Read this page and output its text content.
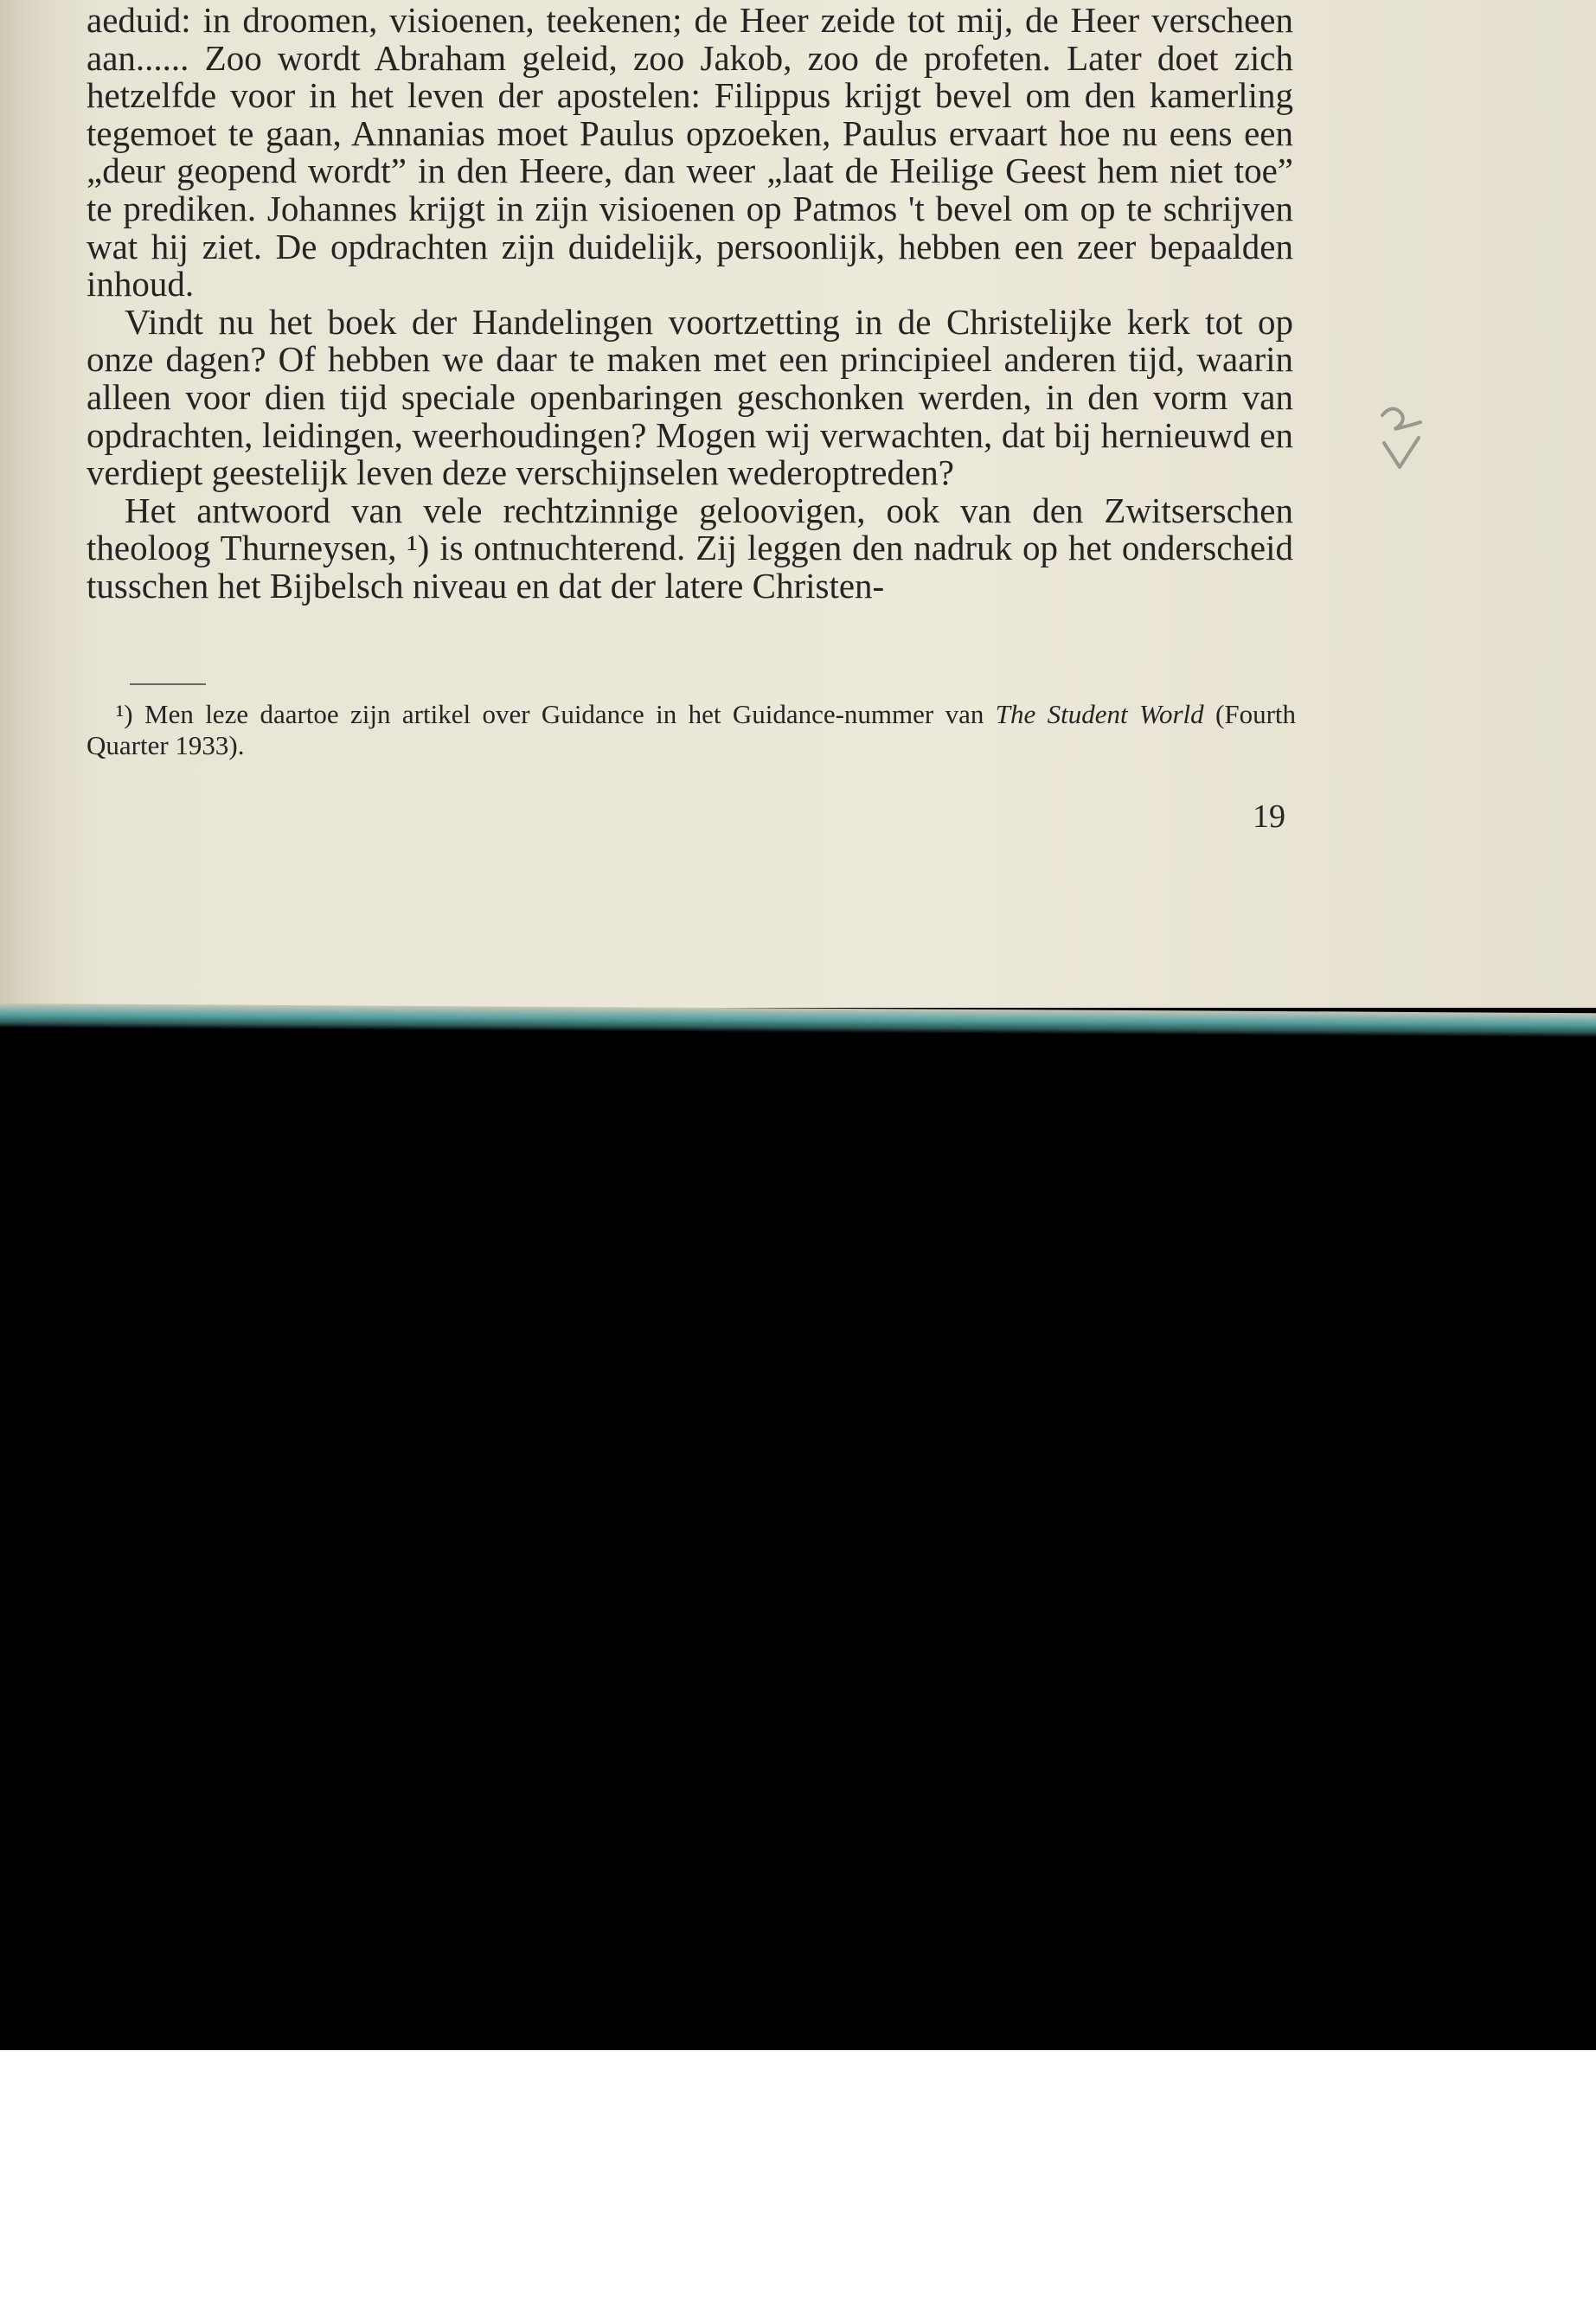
aeduid: in droomen, visioenen, teekenen; de Heer zeide tot mij, de Heer verscheen aan...... Zoo wordt Abraham geleid, zoo Jakob, zoo de profeten. Later doet zich hetzelfde voor in het leven der apostelen: Filippus krijgt bevel om den kamerling tegemoet te gaan, Annanias moet Paulus opzoeken, Paulus ervaart hoe nu eens een „deur geopend wordt” in den Heere, dan weer „laat de Heilige Geest hem niet toe” te prediken. Johannes krijgt in zijn visioenen op Patmos 't bevel om op te schrijven wat hij ziet. De opdrachten zijn duidelijk, persoonlijk, hebben een zeer bepaalden inhoud.

Vindt nu het boek der Handelingen voortzetting in de Christelijke kerk tot op onze dagen? Of hebben we daar te maken met een principieel anderen tijd, waarin alleen voor dien tijd speciale openbaringen geschonken werden, in den vorm van opdrachten, leidingen, weerhoudingen? Mogen wij verwachten, dat bij hernieuwd en verdiept geestelijk leven deze verschijnselen wederoptreden?

Het antwoord van vele rechtzinnige geloovigen, ook van den Zwitserschen theoloog Thurneysen, ¹) is ontnuchterend. Zij leggen den nadruk op het onderscheid tusschen het Bijbelsch niveau en dat der latere Christen-

¹) Men leze daartoe zijn artikel over Guidance in het Guidance-nummer van The Student World (Fourth Quarter 1933).

19
